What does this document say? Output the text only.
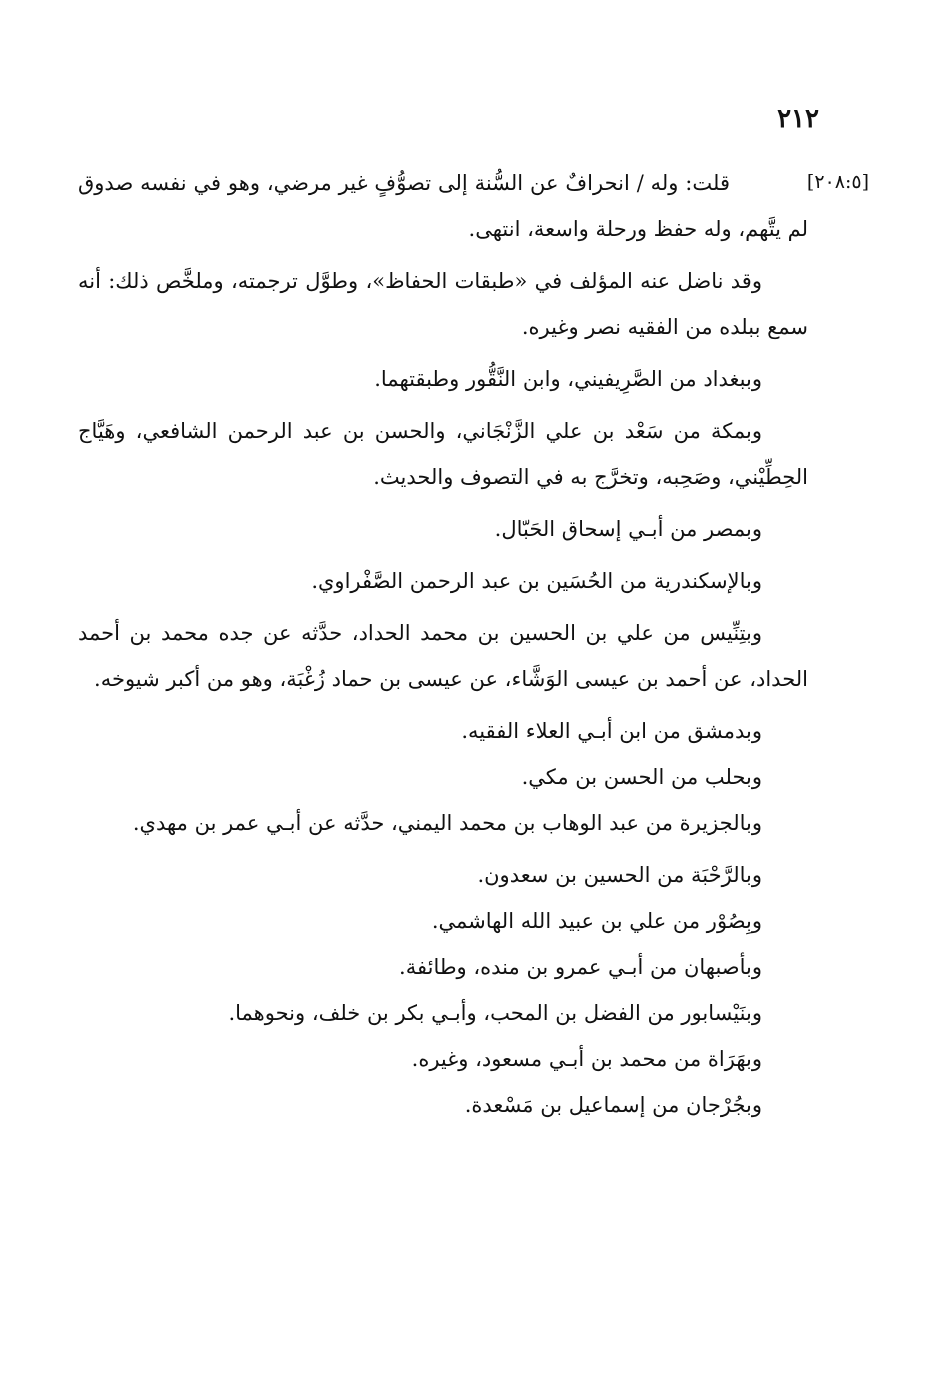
٢١٢
[٢٠٨:٥]

قلت: وله / انحرافٌ عن السُّنة إلى تصوُّفٍ غير مرضي، وهو في نفسه صدوق لم يتَّهم، وله حفظ ورحلة واسعة، انتهى.

وقد ناضل عنه المؤلف في «طبقات الحفاظ»، وطوَّل ترجمته، وملخَّص ذلك: أنه سمع ببلده من الفقيه نصر وغيره.

وببغداد من الصَّرِيفيني، وابن النَّقُّور وطبقتهما.

وبمكة من سَعْد بن علي الزَّنْجَاني، والحسن بن عبد الرحمن الشافعي، وهَيَّاج الحِطِّيْني، وصَحِبه، وتخرَّج به في التصوف والحديث.

وبمصر من أبـي إسحاق الحَبّال.

وبالإسكندرية من الحُسَين بن عبد الرحمن الصَّفْراوي.

وبتِنِّيس من علي بن الحسين بن محمد الحداد، حدَّثه عن جده محمد بن أحمد الحداد، عن أحمد بن عيسى الوَشَّاء، عن عيسى بن حماد زُغْبَة، وهو من أكبر شيوخه.

وبدمشق من ابن أبـي العلاء الفقيه.

وبحلب من الحسن بن مكي.

وبالجزيرة من عبد الوهاب بن محمد اليمني، حدَّثه عن أبـي عمر بن مهدي.

وبالرَّحْبَة من الحسين بن سعدون.

وبِصُوْر من علي بن عبيد الله الهاشمي.

وبأصبهان من أبـي عمرو بن منده، وطائفة.

وبنَيْسابور من الفضل بن المحب، وأبـي بكر بن خلف، ونحوهما.

وبهَرَاة من محمد بن أبـي مسعود، وغيره.

وبجُرْجان من إسماعيل بن مَسْعدة.
